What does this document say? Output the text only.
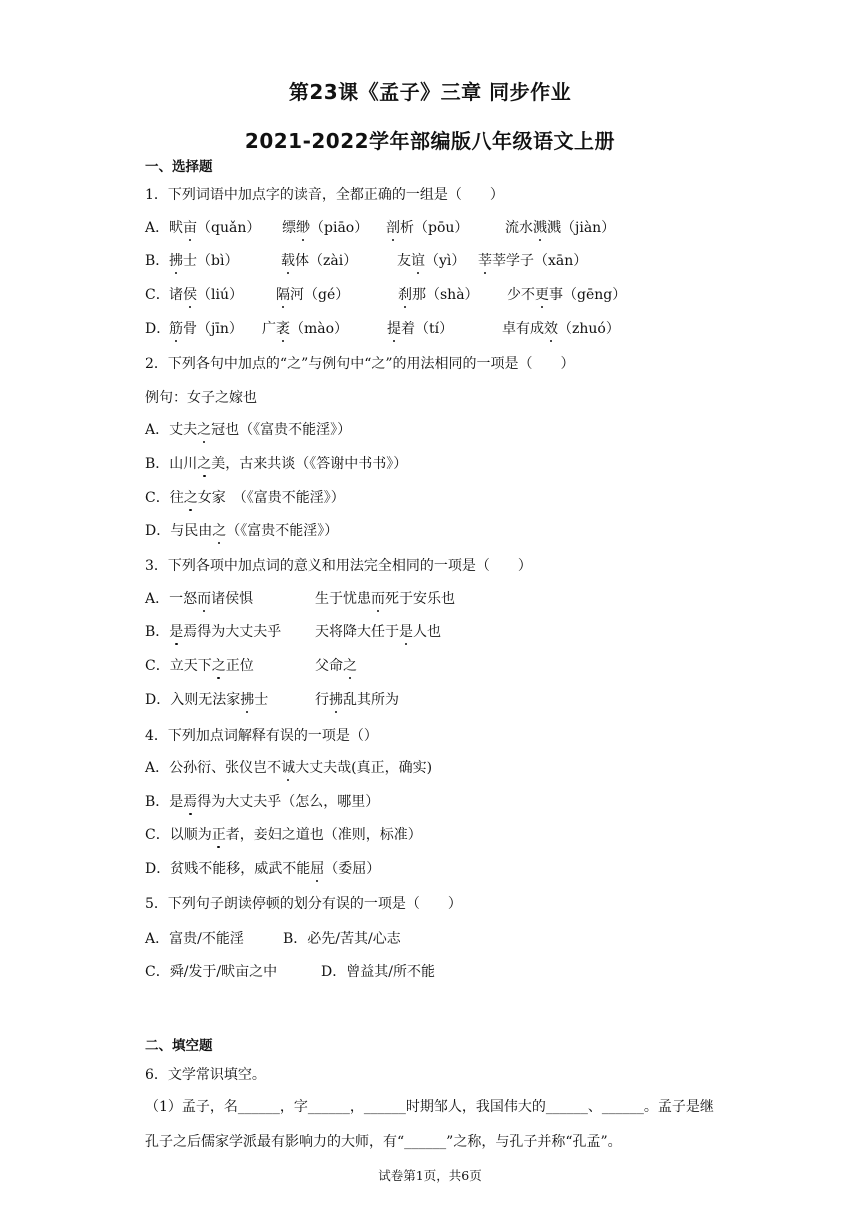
第23课《孟子》三章 同步作业
2021-2022学年部编版八年级语文上册
一、选择题
1．下列词语中加点字的读音，全都正确的一组是（　　）
A． 畎亩（quǎn） 缥缈（piāo） 剖析（pōu）	流水溅溅（jiàn）
B． 拂士（bì）	载体（zài）	友谊（yì） 莘莘学子（xān）
C． 诸侯（liú） 隔河（gé）	刹那（shà） 少不更事（gēng）
D．
筋骨（jīn） 广袤（mào）	提着（tí）	卓有成效（zhuó）
2．下列各句中加点的“之”与例句中“之”的用法相同的一项是（　　）
例句：女子之嫁也
A．丈夫之冠也（《富贵不能淫》）
B．山川之美，古来共谈（《答谢中书书》）
C．往之女家　（《富贵不能淫》）
D．与民由之（《富贵不能淫》）
3．下列各项中加点词的意义和用法完全相同的一项是（　　）
A．一怒而诸侯惧	生于忧患而死于安乐也
B．是焉得为大丈夫乎 天将降大任于是人也
C．立天下之正位	父命之
D．入则无法家拂士	行拂乱其所为
4．下列加点词解释有误的一项是（）
A．公孙衍、张仪岂不诚大丈夫哉(真正，确实)
B．是焉得为大丈夫乎（怎么，哪里）
C．以顺为正者，妾妇之道也（准则，标准）
D．贫贱不能移，威武不能屈（委屈）
5．下列句子朗读停顿的划分有误的一项是（　　）
A．富贵/不能淫	B．必先/苦其/心志
C．舜/发于/畎亩之中	D．曾益其/所不能
二、填空题
6．文学常识填空。
（1）孟子，名______，字______，______时期邹人，我国伟大的______、______。孟子是继孔子之后儒家学派最有影响力的大师，有“______”之称，与孔子并称“孔孟”。
试卷第1页，共6页
